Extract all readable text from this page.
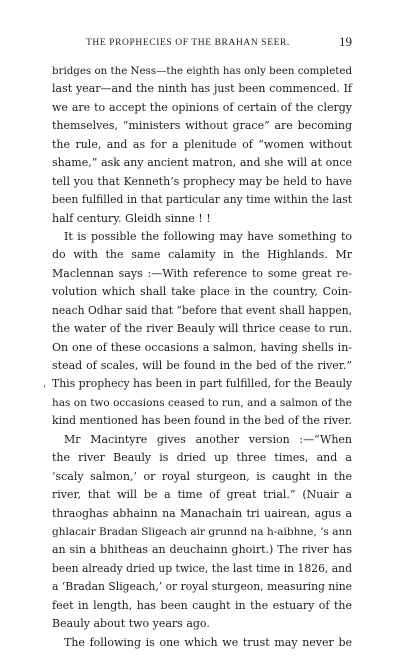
THE PROPHECIES OF THE BRAHAN SEER.	19
‘
bridges on the Ness—the eighth has only been completed
last year—and the ninth has just been commenced. If
we are to accept the opinions of certain of the clergy
themselves, “ministers without grace” are becoming
the rule, and as for a plenitude of “women without
shame,” ask any ancient matron, and she will at once
tell you that Kenneth’s prophecy may be held to have
been fulfilled in that particular any time within the last
half century. Gleidh sinne ! !
It is possible the following may have something to
do with the same calamity in the Highlands. Mr
Maclennan says :—With reference to some great re-
volution which shall take place in the country, Coin-
neach Odhar said that “before that event shall happen,
the water of the river Beauly will thrice cease to run.
On one of these occasions a salmon, having shells in-
stead of scales, will be found in the bed of the river.”
This prophecy has been in part fulfilled, for the Beauly
has on two occasions ceased to run, and a salmon of the
kind mentioned has been found in the bed of the river.
Mr Macintyre gives another version :—“When
the river Beauly is dried up three times, and a
‘scaly salmon,’ or royal sturgeon, is caught in the
river, that will be a time of great trial.” (Nuair a
thraoghas abhainn na Manachain tri uairean, agus a
ghlacair Bradan Sligeach air grunnd na h-aibhne, ’s ann
an sin a bhitheas an deuchainn ghoirt.) The river has
been already dried up twice, the last time in 1826, and
a ‘Bradan Sligeach,’ or royal sturgeon, measuring nine
feet in length, has been caught in the estuary of the
Beauly about two years ago.
The following is one which we trust may never be
